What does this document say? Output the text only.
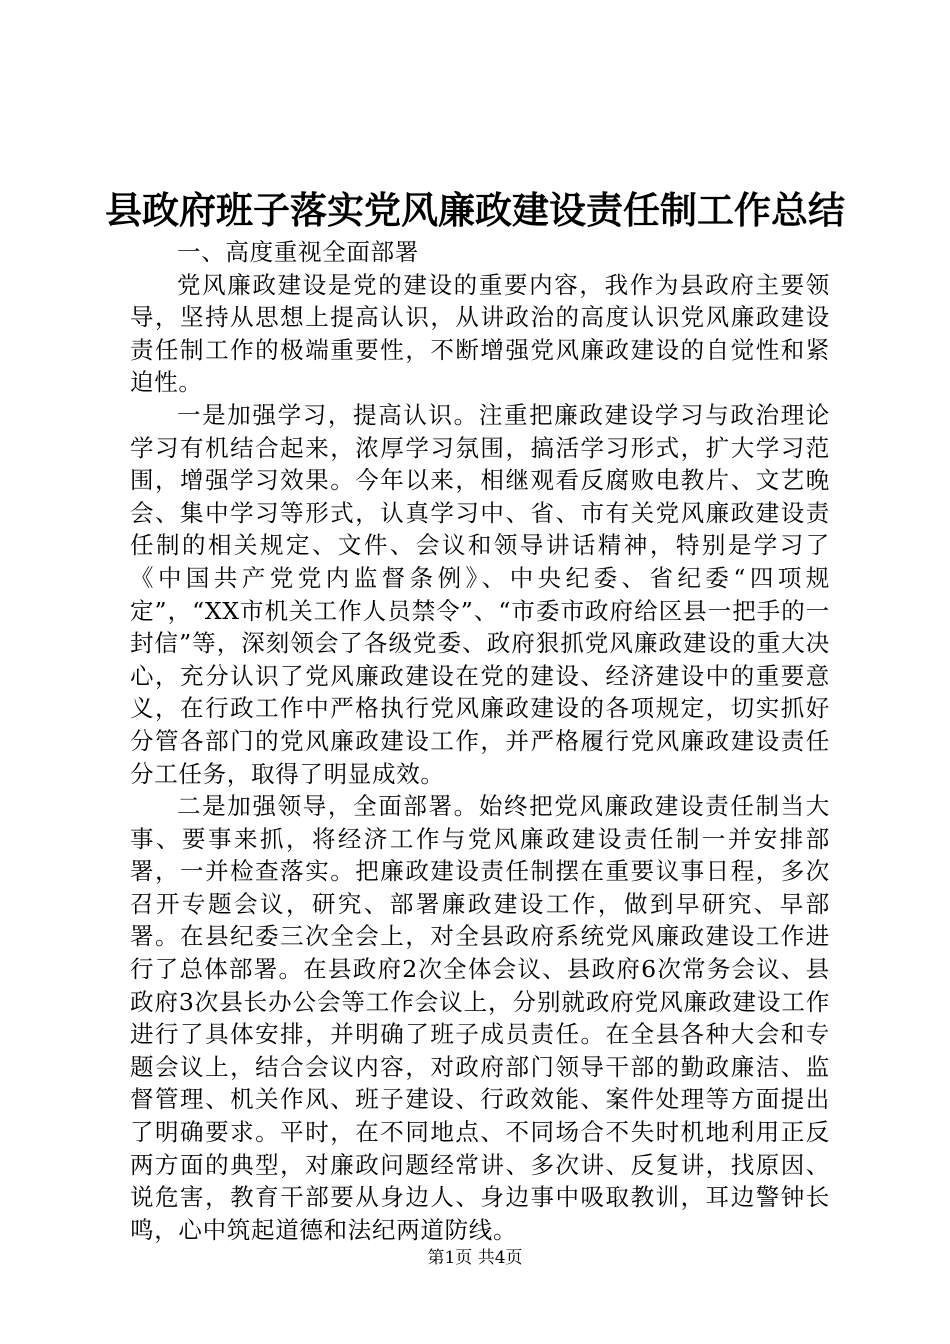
县政府班子落实党风廉政建设责任制工作总结

一、高度重视全面部署

党风廉政建设是党的建设的重要内容，我作为县政府主要领导，坚持从思想上提高认识，从讲政治的高度认识党风廉政建设责任制工作的极端重要性，不断增强党风廉政建设的自觉性和紧迫性。

一是加强学习，提高认识。注重把廉政建设学习与政治理论学习有机结合起来，浓厚学习氛围，搞活学习形式，扩大学习范围，增强学习效果。今年以来，相继观看反腐败电教片、文艺晚会、集中学习等形式，认真学习中、省、市有关党风廉政建设责任制的相关规定、文件、会议和领导讲话精神，特别是学习了《中国共产党党内监督条例》、中央纪委、省纪委“四项规定”，“XX市机关工作人员禁令”、“市委市政府给区县一把手的一封信”等，深刻领会了各级党委、政府狠抓党风廉政建设的重大决心，充分认识了党风廉政建设在党的建设、经济建设中的重要意义，在行政工作中严格执行党风廉政建设的各项规定，切实抓好分管各部门的党风廉政建设工作，并严格履行党风廉政建设责任分工任务，取得了明显成效。

二是加强领导，全面部署。始终把党风廉政建设责任制当大事、要事来抓，将经济工作与党风廉政建设责任制一并安排部署，一并检查落实。把廉政建设责任制摆在重要议事日程，多次召开专题会议，研究、部署廉政建设工作，做到早研究、早部署。在县纪委三次全会上，对全县政府系统党风廉政建设工作进行了总体部署。在县政府2次全体会议、县政府6次常务会议、县政府3次县长办公会等工作会议上，分别就政府党风廉政建设工作进行了具体安排，并明确了班子成员责任。在全县各种大会和专题会议上，结合会议内容，对政府部门领导干部的勤政廉洁、监督管理、机关作风、班子建设、行政效能、案件处理等方面提出了明确要求。平时，在不同地点、不同场合不失时机地利用正反两方面的典型，对廉政问题经常讲、多次讲、反复讲，找原因、说危害，教育干部要从身边人、身边事中吸取教训，耳边警钟长鸣，心中筑起道德和法纪两道防线。

第1页 共4页
